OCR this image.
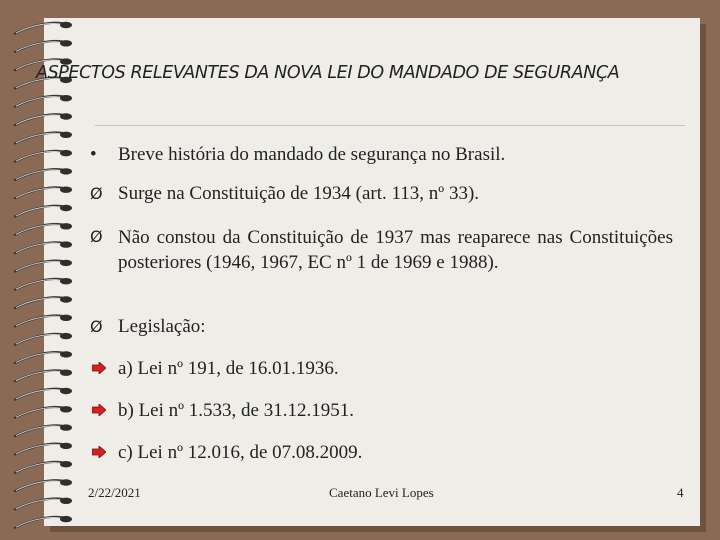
ASPECTOS RELEVANTES DA NOVA LEI DO MANDADO DE SEGURANÇA
• Breve história do mandado de segurança no Brasil.
Ø Surge na Constituição de 1934 (art. 113, nº 33).
Ø Não constou da Constituição de 1937 mas reaparece nas Constituições posteriores (1946, 1967, EC nº 1 de 1969 e 1988).
Ø Legislação:
a) Lei nº 191, de 16.01.1936.
b) Lei nº 1.533, de 31.12.1951.
c) Lei nº 12.016, de 07.08.2009.
2/22/2021	Caetano Levi Lopes	4
